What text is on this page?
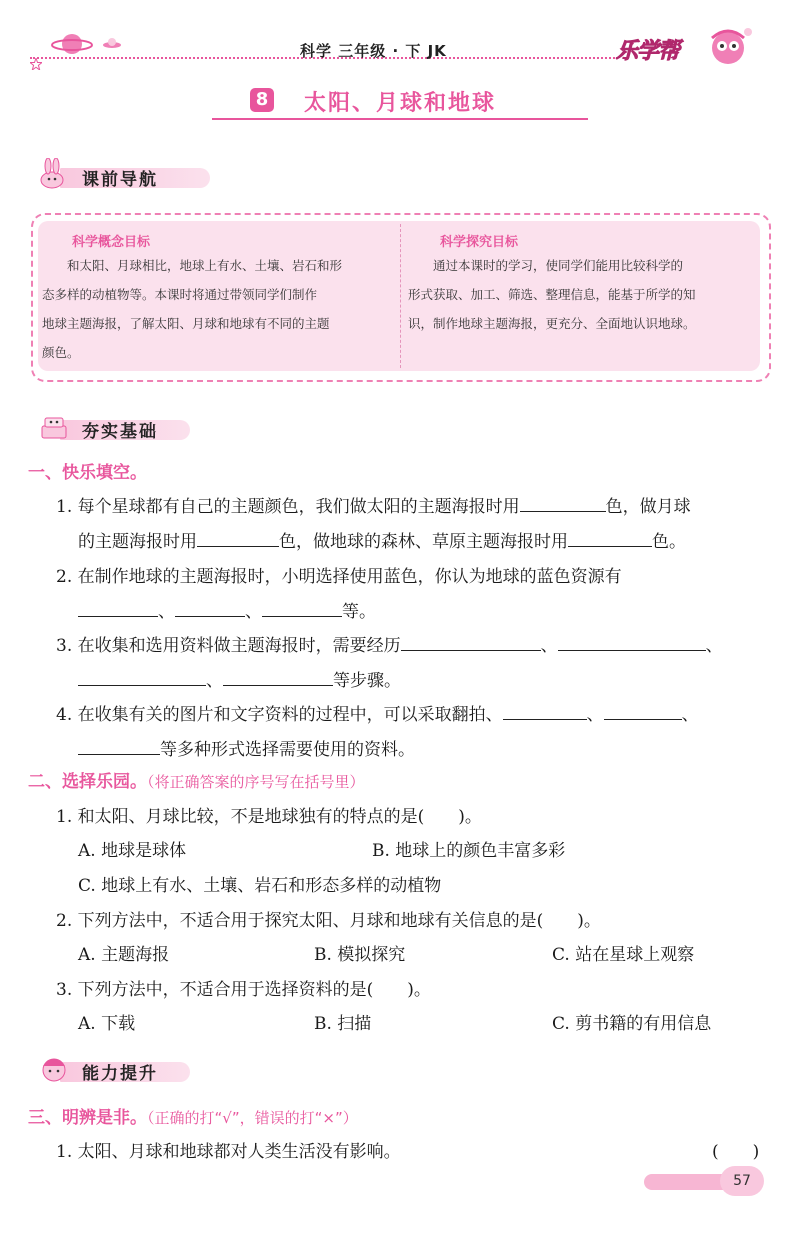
科学 三年级 · 下 JK	乐学帮
8 太阳、月球和地球
课前导航
科学概念目标
和太阳、月球相比，地球上有水、土壤、岩石和形
态多样的动植物等。本课时将通过带领同学们制作
地球主题海报，了解太阳、月球和地球有不同的主题
颜色。
科学探究目标
通过本课时的学习，使同学们能用比较科学的
形式获取、加工、筛选、整理信息，能基于所学的知
识，制作地球主题海报，更充分、全面地认识地球。
夯实基础
一、快乐填空。
1. 每个星球都有自己的主题颜色，我们做太阳的主题海报时用	色，做月球
的主题海报时用	色，做地球的森林、草原主题海报时用	色。
2. 在制作地球的主题海报时，小明选择使用蓝色，你认为地球的蓝色资源有
、	、	等。
3. 在收集和选用资料做主题海报时，需要经历	、	、
、	等步骤。
4. 在收集有关的图片和文字资料的过程中，可以采取翻拍、	、	、
等多种形式选择需要使用的资料。
二、选择乐园。（将正确答案的序号写在括号里）
1. 和太阳、月球比较，不是地球独有的特点的是(　　)。
A. 地球是球体	B. 地球上的颜色丰富多彩
C. 地球上有水、土壤、岩石和形态多样的动植物
2. 下列方法中，不适合用于探究太阳、月球和地球有关信息的是(　　)。
A. 主题海报	B. 模拟探究	C. 站在星球上观察
3. 下列方法中，不适合用于选择资料的是(　　)。
A. 下载	B. 扫描	C. 剪书籍的有用信息
能力提升
三、明辨是非。（正确的打“√”，错误的打“×”）
1. 太阳、月球和地球都对人类生活没有影响。	(　　)
57
